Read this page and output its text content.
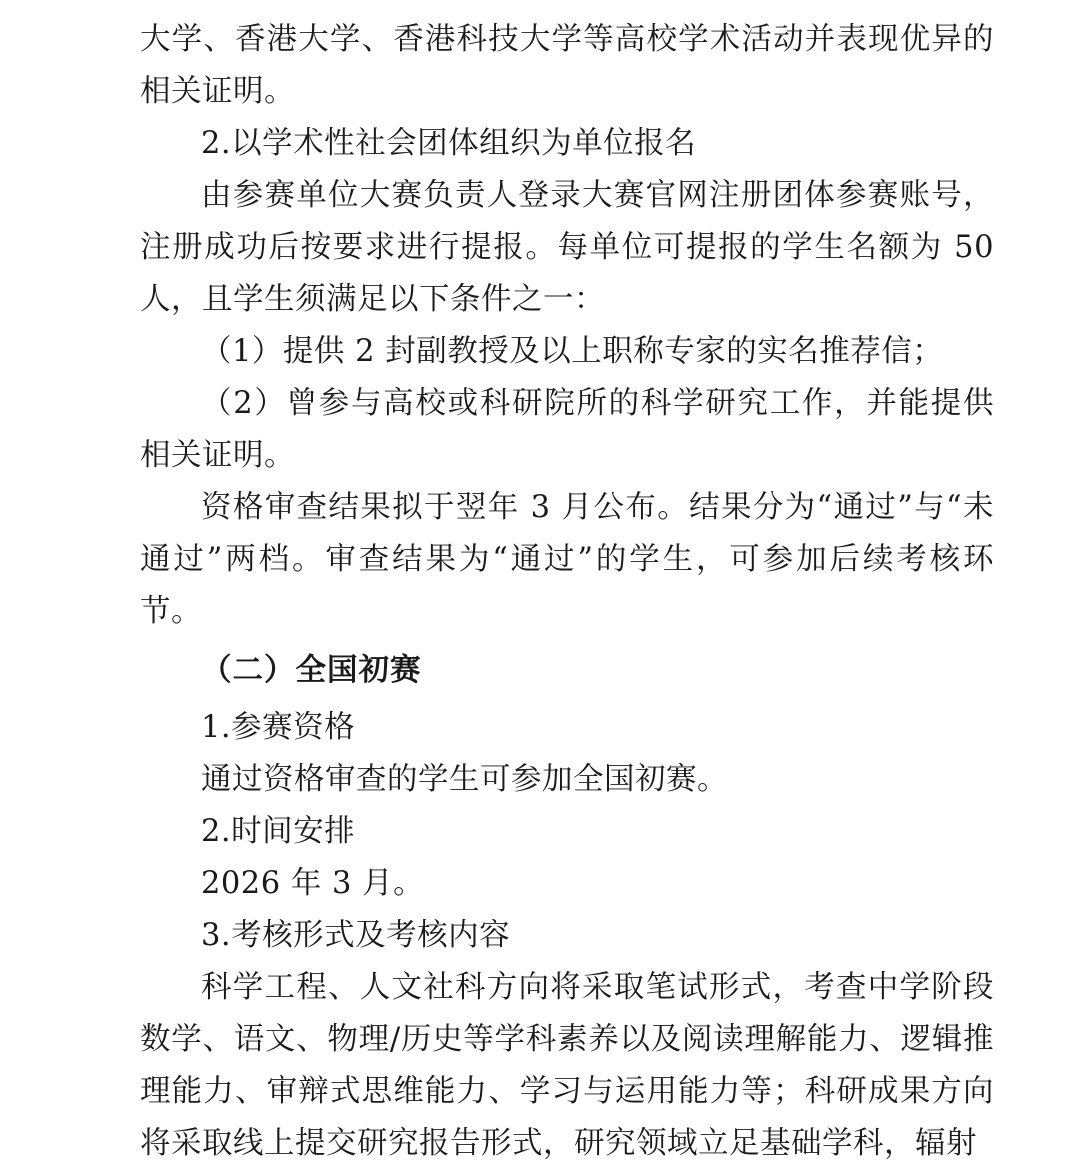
大学、香港大学、香港科技大学等高校学术活动并表现优异的相关证明。

2.以学术性社会团体组织为单位报名

由参赛单位大赛负责人登录大赛官网注册团体参赛账号，注册成功后按要求进行提报。每单位可提报的学生名额为 50 人，且学生须满足以下条件之一：

（1）提供 2 封副教授及以上职称专家的实名推荐信；

（2）曾参与高校或科研院所的科学研究工作，并能提供相关证明。

资格审查结果拟于翌年 3 月公布。结果分为“通过”与“未通过”两档。审查结果为“通过”的学生，可参加后续考核环节。

（二）全国初赛

1.参赛资格

通过资格审查的学生可参加全国初赛。

2.时间安排

2026 年 3 月。

3.考核形式及考核内容

科学工程、人文社科方向将采取笔试形式，考查中学阶段数学、语文、物理/历史等学科素养以及阅读理解能力、逻辑推理能力、审辩式思维能力、学习与运用能力等；科研成果方向将采取线上提交研究报告形式，研究领域立足基础学科，辐射
